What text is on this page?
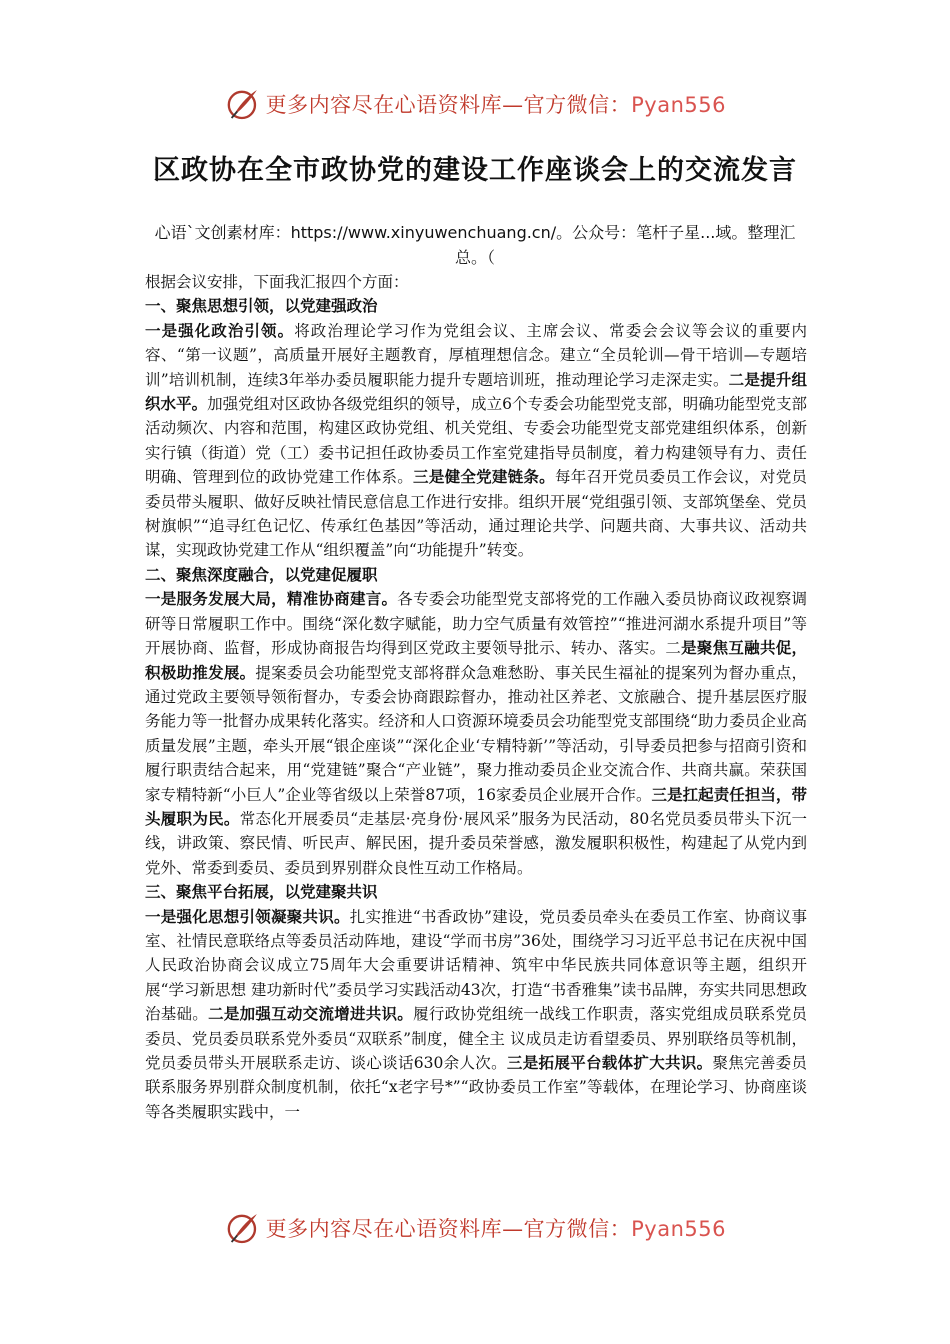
更多内容尽在心语资料库—官方微信：Pyan556
区政协在全市政协党的建设工作座谈会上的交流发言
心语`文创素材库：https://www.xinyuwenchuang.cn/。公众号：笔杆子星...域。整理汇总。（

根据会议安排，下面我汇报四个方面：

一、聚焦思想引领，以党建强政治

一是强化政治引领。将政治理论学习作为党组会议、主席会议、常委会会议等会议的重要内容、“第一议题”，高质量开展好主题教育，厚植理想信念。建立“全员轮训—骨干培训—专题培训”培训机制，连续3年举办委员履职能力提升专题培训班，推动理论学习走深走实。二是提升组织水平。加强党组对区政协各级党组织的领导，成立6个专委会功能型党支部，明确功能型党支部活动频次、内容和范围，构建区政协党组、机关党组、专委会功能型党支部党建组织体系，创新实行镇（街道）党（工）委书记担任政协委员工作室党建指导员制度，着力构建领导有力、责任明确、管理到位的政协党建工作体系。三是健全党建链条。每年召开党员委员工作会议，对党员委员带头履职、做好反映社情民意信息工作进行安排。组织开展“党组强引领、支部筑堡垒、党员树旗帜”“追寻红色记忆、传承红色基因”等活动，通过理论共学、问题共商、大事共议、活动共谋，实现政协党建工作从“组织覆盖”向“功能提升”转变。

二、聚焦深度融合，以党建促履职

一是服务发展大局，精准协商建言。各专委会功能型党支部将党的工作融入委员协商议政视察调研等日常履职工作中。围绕“深化数字赋能，助力空气质量有效管控”“推进河湖水系提升项目”等开展协商、监督，形成协商报告均得到区党政主要领导批示、转办、落实。二是聚焦互融共促，积极助推发展。提案委员会功能型党支部将群众急难愁盼、事关民生福祉的提案列为督办重点，通过党政主要领导领衔督办，专委会协商跟踪督办，推动社区养老、文旅融合、提升基层医疗服务能力等一批督办成果转化落实。经济和人口资源环境委员会功能型党支部围绕“助力委员企业高质量发展”主题，牵头开展“银企座谈”“深化企业‘专精特新’”等活动，引导委员把参与招商引资和履行职责结合起来，用“党建链”聚合“产业链”，聚力推动委员企业交流合作、共商共赢。荣获国家专精特新“小巨人”企业等省级以上荣誉87项，16家委员企业展开合作。三是扛起责任担当，带头履职为民。常态化开展委员“走基层·亮身份·展风采”服务为民活动，80名党员委员带头下沉一线，讲政策、察民情、听民声、解民困，提升委员荣誉感，激发履职积极性，构建起了从党内到党外、常委到委员、委员到界别群众良性互动工作格局。

三、聚焦平台拓展，以党建聚共识

一是强化思想引领凝聚共识。扎实推进“书香政协”建设，党员委员牵头在委员工作室、协商议事室、社情民意联络点等委员活动阵地，建设“学而书房”36处，围绕学习习近平总书记在庆祝中国人民政治协商会议成立75周年大会重要讲话精神、筑牢中华民族共同体意识等主题，组织开展“学习新思想 建功新时代”委员学习实践活动43次，打造“书香雅集”读书品牌，夯实共同思想政治基础。二是加强互动交流增进共识。履行政协党组统一战线工作职责，落实党组成员联系党员委员、党员委员联系党外委员“双联系”制度，健全主 议成员走访看望委员、界别联络员等机制，党员委员带头开展联系走访、谈心谈话630余人次。三是拓展平台载体扩大共识。聚焦完善委员联系服务界别群众制度机制，依托“x老字号*”“政协委员工作室”等载体，在理论学习、协商座谈等各类履职实践中，一

更多内容尽在心语资料库—官方微信：Pyan556
